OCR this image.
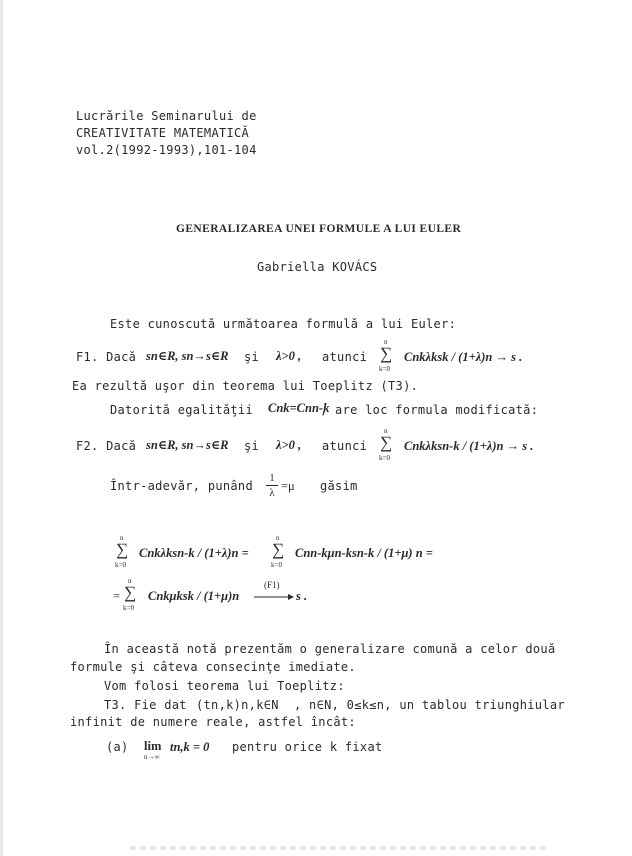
Lucrările Seminarului de
CREATIVITATE MATEMATICĂ
vol.2(1992-1993),101-104
GENERALIZAREA UNEI FORMULE A LUI EULER
Gabriella KOVÁCS
Este cunoscută următoarea formulă a lui Euler:
F1. Dacă sn∈R, sn→s∈R şi λ>0 , atunci
n
∑
k=0
Cnkλksk / (1+λ)n → s .
Ea rezultă uşor din teorema lui Toeplitz (T3).
Datorită egalităţii Cnk=Cnn-k
, are loc formula modificată:
F2. Dacă sn∈R, sn→s∈R şi λ>0 , atunci
n
∑
k=0
Cnkλksn-k / (1+λ)n → s .
Într-adevăr, punând
1
λ =μ găsim
n
∑
k=0
Cnkλksn-k / (1+λ)n =
n
∑
k=0
Cnn-kμn-ksn-k / (1+μ) n =
=
n
∑
k=0
Cnkμksk / (1+μ)n
(F1)
s .
În această notă prezentăm o generalizare comună a celor două
formule şi câteva consecinţe imediate.
Vom folosi teorema lui Toeplitz:
T3. Fie dat (tn,k)n,k∈N , n∈N, 0≤k≤n, un tablou triunghiular
infinit de numere reale, astfel încât:
(a) lim
n→∞
tn,k = 0 pentru orice k fixat
